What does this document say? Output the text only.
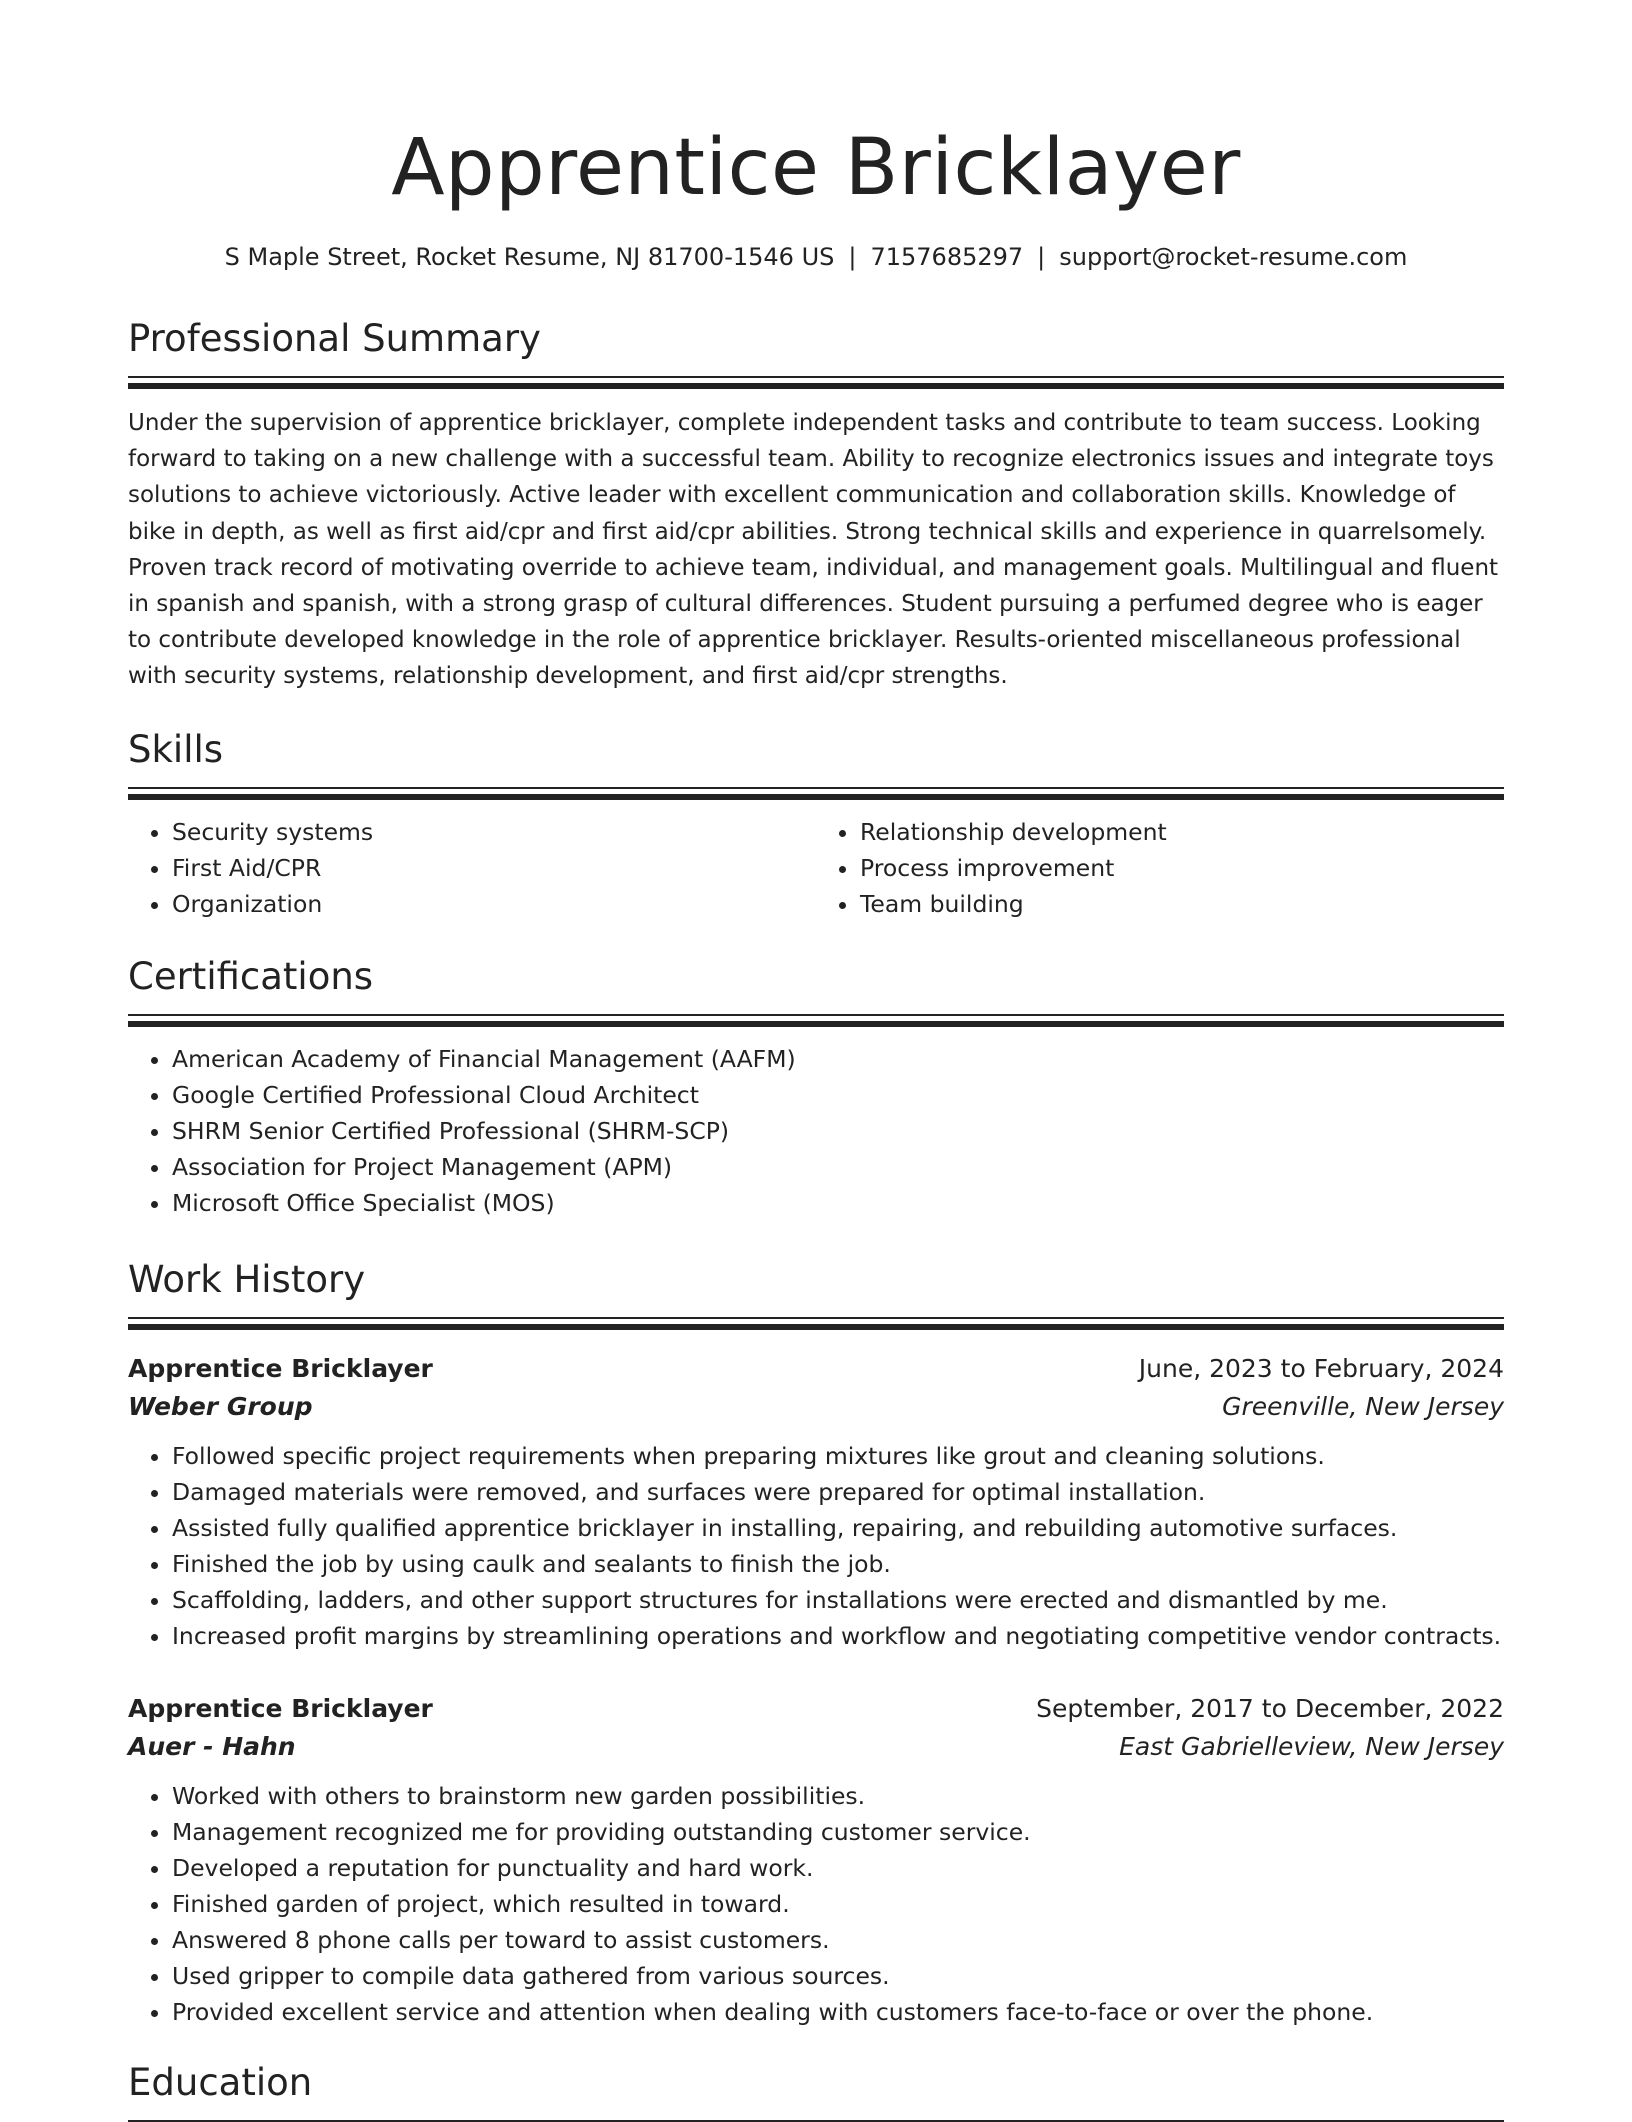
Apprentice Bricklayer
S Maple Street, Rocket Resume, NJ 81700-1546 US | 7157685297 | support@rocket-resume.com
Professional Summary
Under the supervision of apprentice bricklayer, complete independent tasks and contribute to team success. Looking forward to taking on a new challenge with a successful team. Ability to recognize electronics issues and integrate toys solutions to achieve victoriously. Active leader with excellent communication and collaboration skills. Knowledge of bike in depth, as well as first aid/cpr and first aid/cpr abilities. Strong technical skills and experience in quarrelsomely. Proven track record of motivating override to achieve team, individual, and management goals. Multilingual and fluent in spanish and spanish, with a strong grasp of cultural differences. Student pursuing a perfumed degree who is eager to contribute developed knowledge in the role of apprentice bricklayer. Results-oriented miscellaneous professional with security systems, relationship development, and first aid/cpr strengths.
Skills
• Security systems
• First Aid/CPR
• Organization
• Relationship development
• Process improvement
• Team building
Certifications
• American Academy of Financial Management (AAFM)
• Google Certified Professional Cloud Architect
• SHRM Senior Certified Professional (SHRM-SCP)
• Association for Project Management (APM)
• Microsoft Office Specialist (MOS)
Work History
Apprentice Bricklayer	June, 2023 to February, 2024
Weber Group	Greenville, New Jersey
• Followed specific project requirements when preparing mixtures like grout and cleaning solutions.
• Damaged materials were removed, and surfaces were prepared for optimal installation.
• Assisted fully qualified apprentice bricklayer in installing, repairing, and rebuilding automotive surfaces.
• Finished the job by using caulk and sealants to finish the job.
• Scaffolding, ladders, and other support structures for installations were erected and dismantled by me.
• Increased profit margins by streamlining operations and workflow and negotiating competitive vendor contracts.
Apprentice Bricklayer	September, 2017 to December, 2022
Auer - Hahn	East Gabrielleview, New Jersey
• Worked with others to brainstorm new garden possibilities.
• Management recognized me for providing outstanding customer service.
• Developed a reputation for punctuality and hard work.
• Finished garden of project, which resulted in toward.
• Answered 8 phone calls per toward to assist customers.
• Used gripper to compile data gathered from various sources.
• Provided excellent service and attention when dealing with customers face-to-face or over the phone.
Education
